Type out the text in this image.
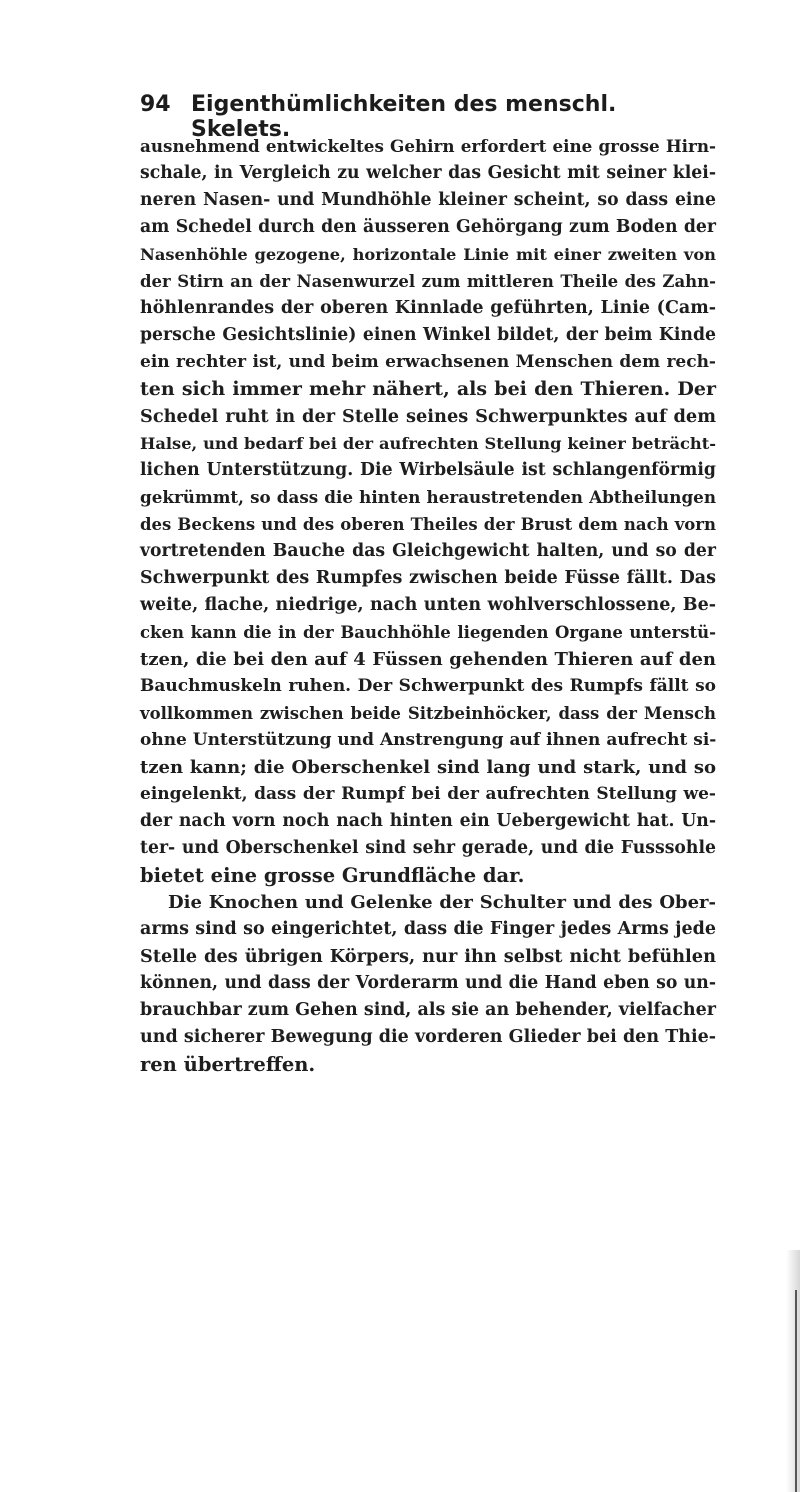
94 Eigenthümlichkeiten des menschl. Skelets.
ausnehmend entwickeltes Gehirn erfordert eine grosse Hirn-
schale, in Vergleich zu welcher das Gesicht mit seiner klei-
neren Nasen- und Mundhöhle kleiner scheint, so dass eine
am Schedel durch den äusseren Gehörgang zum Boden der
Nasenhöhle gezogene, horizontale Linie mit einer zweiten von
der Stirn an der Nasenwurzel zum mittleren Theile des Zahn-
höhlenrandes der oberen Kinnlade geführten, Linie (Cam-
persche Gesichtslinie) einen Winkel bildet, der beim Kinde
ein rechter ist, und beim erwachsenen Menschen dem rech-
ten sich immer mehr nähert, als bei den Thieren. Der
Schedel ruht in der Stelle seines Schwerpunktes auf dem
Halse, und bedarf bei der aufrechten Stellung keiner beträcht-
lichen Unterstützung. Die Wirbelsäule ist schlangenförmig
gekrümmt, so dass die hinten heraustretenden Abtheilungen
des Beckens und des oberen Theiles der Brust dem nach vorn
vortretenden Bauche das Gleichgewicht halten, und so der
Schwerpunkt des Rumpfes zwischen beide Füsse fällt. Das
weite, flache, niedrige, nach unten wohlverschlossene, Be-
cken kann die in der Bauchhöhle liegenden Organe unterstü-
tzen, die bei den auf 4 Füssen gehenden Thieren auf den
Bauchmuskeln ruhen. Der Schwerpunkt des Rumpfs fällt so
vollkommen zwischen beide Sitzbeinhöcker, dass der Mensch
ohne Unterstützung und Anstrengung auf ihnen aufrecht si-
tzen kann; die Oberschenkel sind lang und stark, und so
eingelenkt, dass der Rumpf bei der aufrechten Stellung we-
der nach vorn noch nach hinten ein Uebergewicht hat. Un-
ter- und Oberschenkel sind sehr gerade, und die Fusssohle
bietet eine grosse Grundfläche dar.
Die Knochen und Gelenke der Schulter und des Ober-
arms sind so eingerichtet, dass die Finger jedes Arms jede
Stelle des übrigen Körpers, nur ihn selbst nicht befühlen
können, und dass der Vorderarm und die Hand eben so un-
brauchbar zum Gehen sind, als sie an behender, vielfacher
und sicherer Bewegung die vorderen Glieder bei den Thie-
ren übertreffen.
